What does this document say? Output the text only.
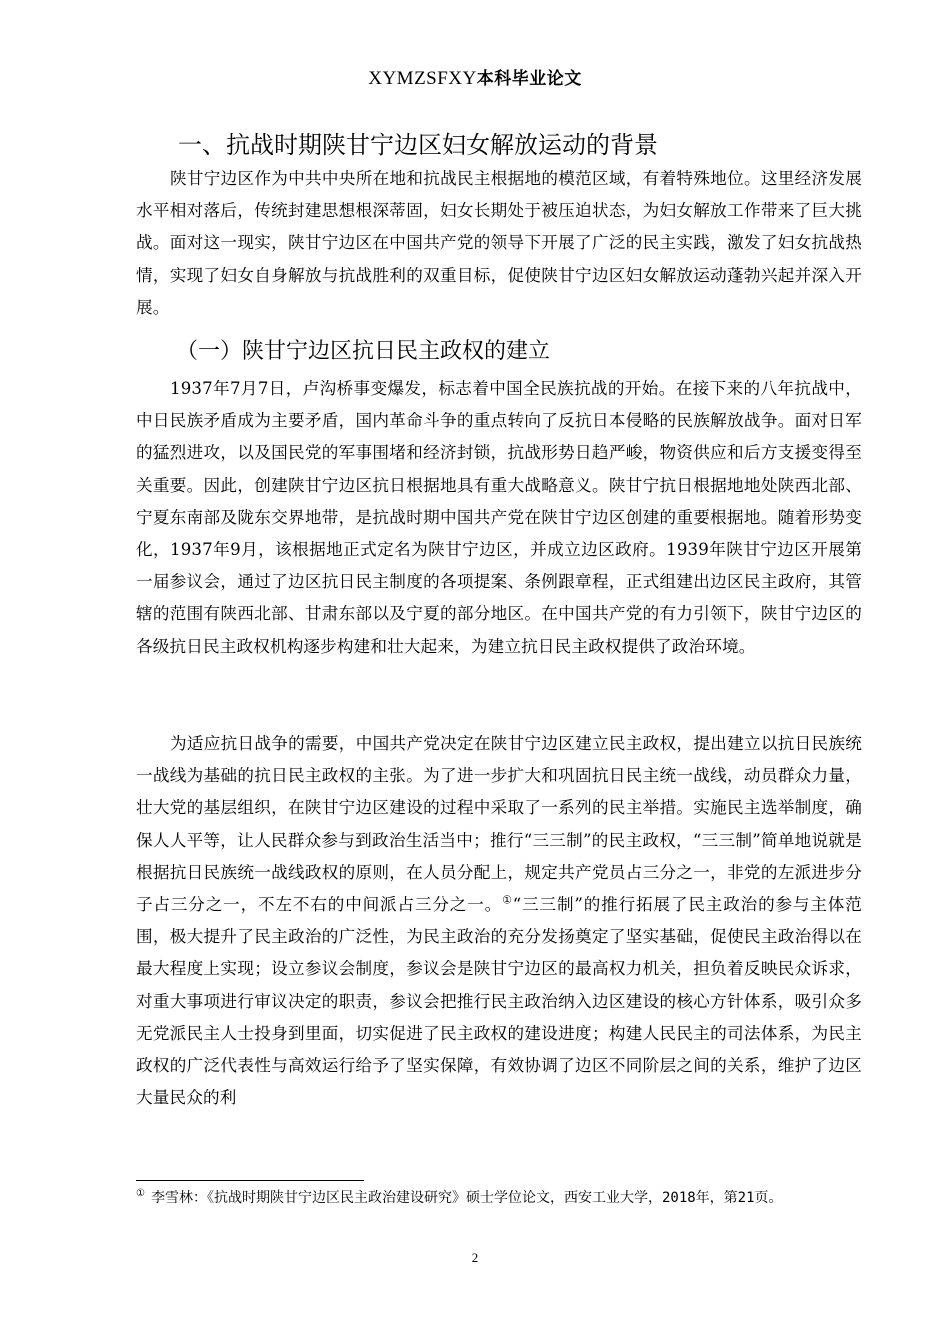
XYMZSFXY本科毕业论文
一、抗战时期陕甘宁边区妇女解放运动的背景

陕甘宁边区作为中共中央所在地和抗战民主根据地的模范区域，有着特殊地位。这里经济发展水平相对落后，传统封建思想根深蒂固，妇女长期处于被压迫状态，为妇女解放工作带来了巨大挑战。面对这一现实，陕甘宁边区在中国共产党的领导下开展了广泛的民主实践，激发了妇女抗战热情，实现了妇女自身解放与抗战胜利的双重目标，促使陕甘宁边区妇女解放运动蓬勃兴起并深入开展。

（一）陕甘宁边区抗日民主政权的建立

1937年7月7日，卢沟桥事变爆发，标志着中国全民族抗战的开始。在接下来的八年抗战中，中日民族矛盾成为主要矛盾，国内革命斗争的重点转向了反抗日本侵略的民族解放战争。面对日军的猛烈进攻，以及国民党的军事围堵和经济封锁，抗战形势日趋严峻，物资供应和后方支援变得至关重要。因此，创建陕甘宁边区抗日根据地具有重大战略意义。陕甘宁抗日根据地地处陕西北部、宁夏东南部及陇东交界地带，是抗战时期中国共产党在陕甘宁边区创建的重要根据地。随着形势变化，1937年9月，该根据地正式定名为陕甘宁边区，并成立边区政府。1939年陕甘宁边区开展第一届参议会，通过了边区抗日民主制度的各项提案、条例跟章程，正式组建出边区民主政府，其管辖的范围有陕西北部、甘肃东部以及宁夏的部分地区。在中国共产党的有力引领下，陕甘宁边区的各级抗日民主政权机构逐步构建和壮大起来，为建立抗日民主政权提供了政治环境。

为适应抗日战争的需要，中国共产党决定在陕甘宁边区建立民主政权，提出建立以抗日民族统一战线为基础的抗日民主政权的主张。为了进一步扩大和巩固抗日民主统一战线，动员群众力量，壮大党的基层组织，在陕甘宁边区建设的过程中采取了一系列的民主举措。实施民主选举制度，确保人人平等，让人民群众参与到政治生活当中；推行“三三制”的民主政权，“三三制”简单地说就是根据抗日民族统一战线政权的原则，在人员分配上，规定共产党员占三分之一，非党的左派进步分子占三分之一，不左不右的中间派占三分之一。①“三三制”的推行拓展了民主政治的参与主体范围，极大提升了民主政治的广泛性，为民主政治的充分发扬奠定了坚实基础，促使民主政治得以在最大程度上实现；设立参议会制度，参议会是陕甘宁边区的最高权力机关，担负着反映民众诉求，对重大事项进行审议决定的职责，参议会把推行民主政治纳入边区建设的核心方针体系，吸引众多无党派民主人士投身到里面，切实促进了民主政权的建设进度；构建人民民主的司法体系，为民主政权的广泛代表性与高效运行给予了坚实保障，有效协调了边区不同阶层之间的关系，维护了边区大量民众的利

① 李雪林：《抗战时期陕甘宁边区民主政治建设研究》硕士学位论文，西安工业大学，2018年，第21页。
2
